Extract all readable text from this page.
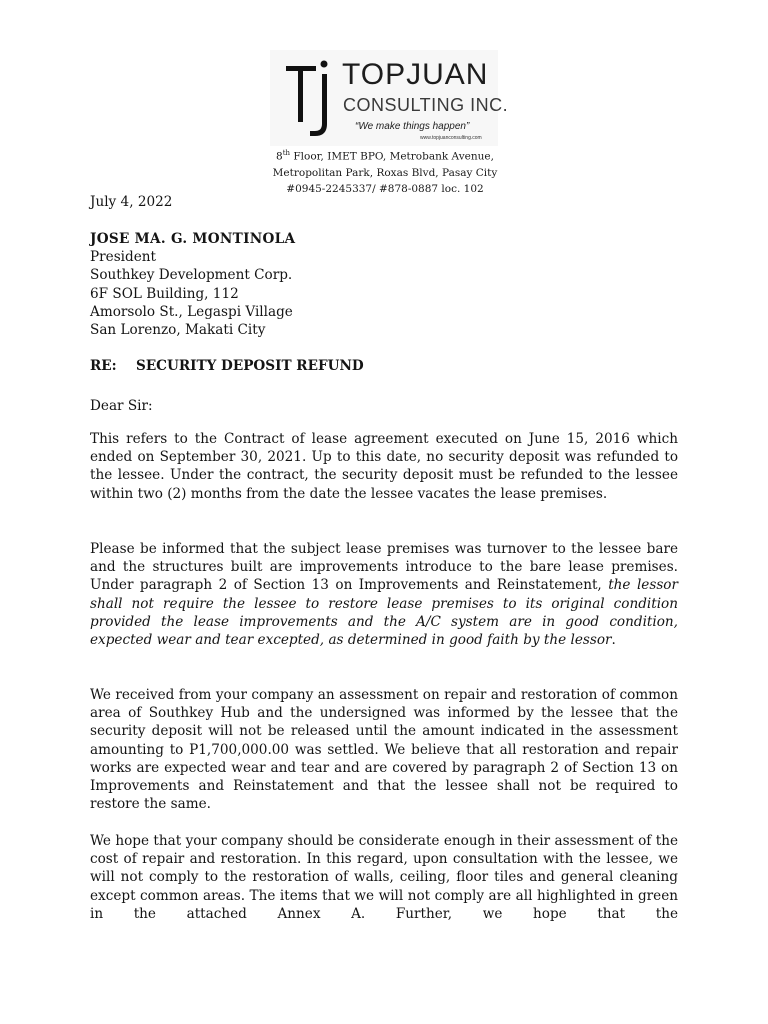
TOPJUAN
CONSULTING INC.
“We make things happen”
www.topjuanconsulting.com
8th Floor, IMET BPO, Metrobank Avenue,
Metropolitan Park, Roxas Blvd, Pasay City
#0945-2245337/ #878-0887 loc. 102
July 4, 2022
JOSE MA. G. MONTINOLA
President
Southkey Development Corp.
6F SOL Building, 112
Amorsolo St., Legaspi Village
San Lorenzo, Makati City
RE: SECURITY DEPOSIT REFUND
Dear Sir:
This refers to the Contract of lease agreement executed on June 15, 2016 which ended on September 30, 2021. Up to this date, no security deposit was refunded to the lessee. Under the contract, the security deposit must be refunded to the lessee within two (2) months from the date the lessee vacates the lease premises.
Please be informed that the subject lease premises was turnover to the lessee bare and the structures built are improvements introduce to the bare lease premises. Under paragraph 2 of Section 13 on Improvements and Reinstatement, the lessor shall not require the lessee to restore lease premises to its original condition provided the lease improvements and the A/C system are in good condition, expected wear and tear excepted, as determined in good faith by the lessor.
We received from your company an assessment on repair and restoration of common area of Southkey Hub and the undersigned was informed by the lessee that the security deposit will not be released until the amount indicated in the assessment amounting to P1,700,000.00 was settled. We believe that all restoration and repair works are expected wear and tear and are covered by paragraph 2 of Section 13 on Improvements and Reinstatement and that the lessee shall not be required to restore the same.
We hope that your company should be considerate enough in their assessment of the cost of repair and restoration. In this regard, upon consultation with the lessee, we will not comply to the restoration of walls, ceiling, floor tiles and general cleaning except common areas. The items that we will not comply are all highlighted in green in the attached Annex A. Further, we hope that the
